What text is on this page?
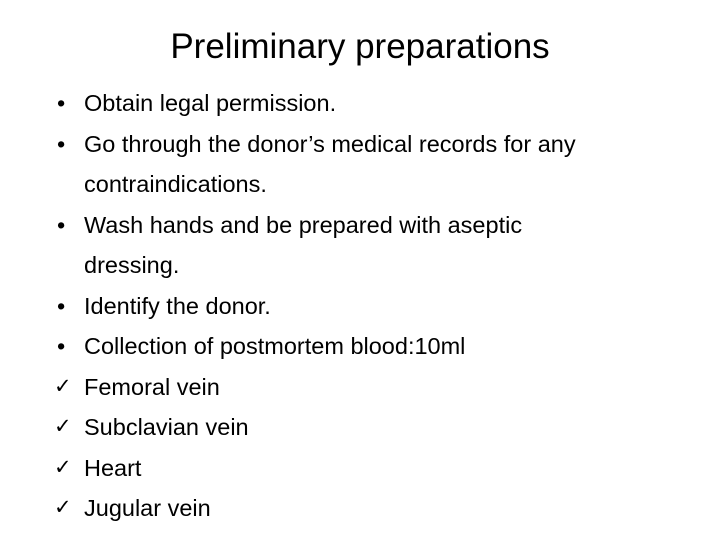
Preliminary preparations
• Obtain legal permission.
• Go through the donor’s medical records for any
contraindications.
• Wash hands and be prepared with aseptic
dressing.
• Identify the donor.
• Collection of postmortem blood:10ml
✓ Femoral vein
✓ Subclavian vein
✓ Heart
✓ Jugular vein
